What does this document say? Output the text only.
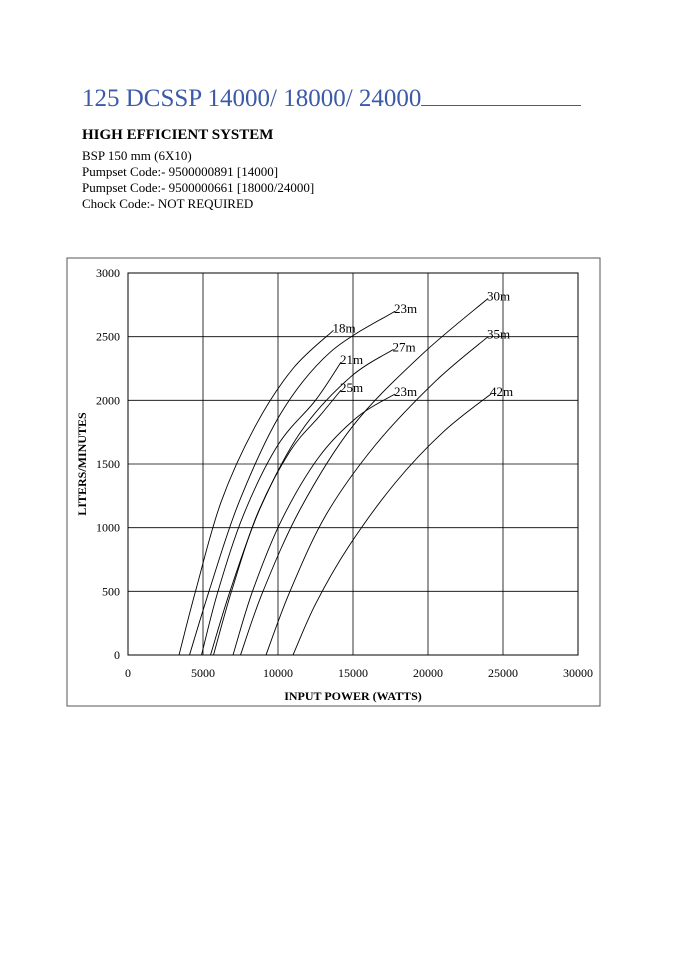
125 DCSSP 14000/ 18000/ 24000
HIGH EFFICIENT SYSTEM
BSP 150 mm (6X10)
Pumpset Code:- 9500000891 [14000]
Pumpset Code:- 9500000661 [18000/24000]
Chock Code:- NOT REQUIRED
0	5000	10000	15000	20000	25000	30000
0
500
1000
1500
2000
2500
3000
INPUT POWER (WATTS)
LITERS/MINUTES
18m
21m
23m
25m
27m
23m
30m
35m
42m
